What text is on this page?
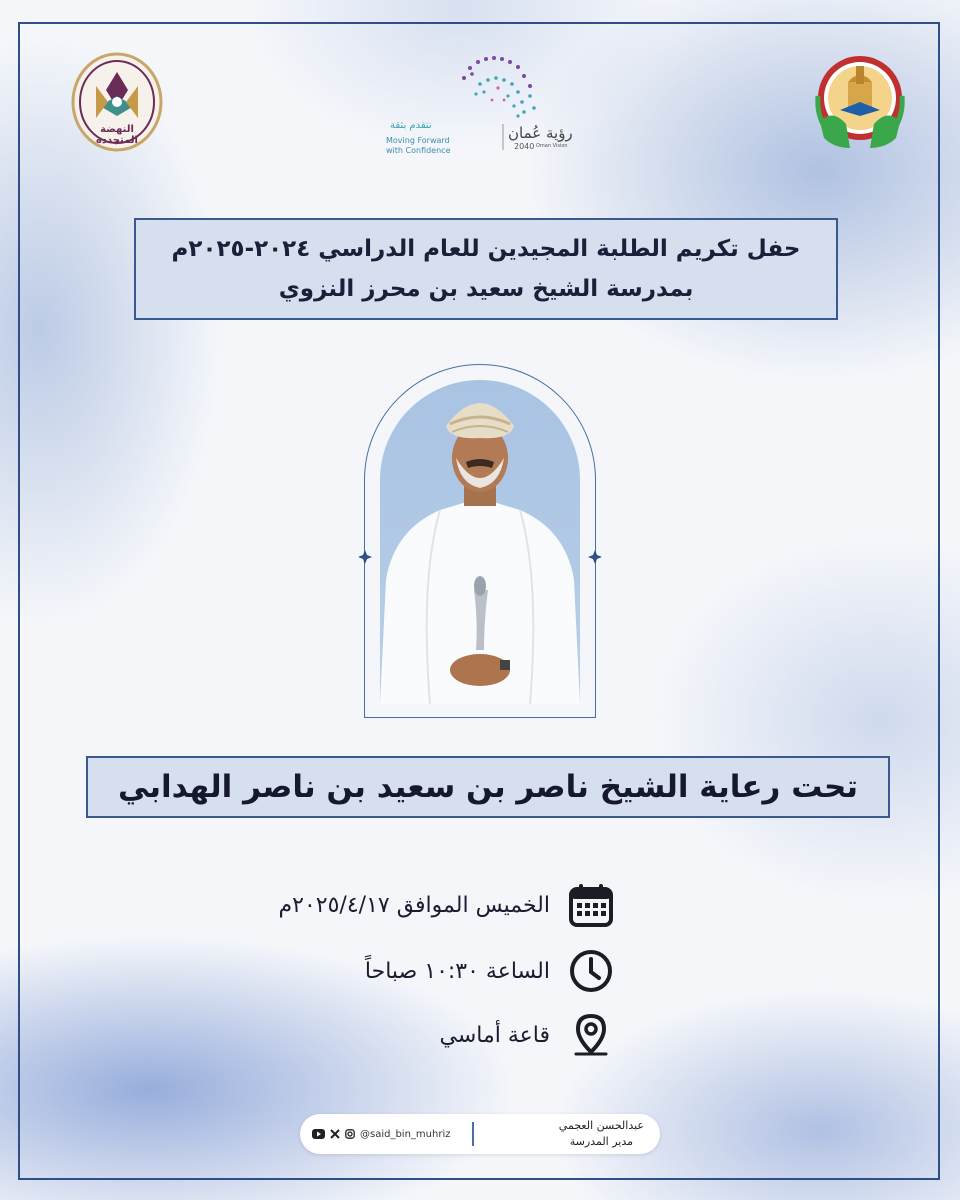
النهضة المتجددة	رؤية عُمان
2040 Oman Vision
نتقدم بثقة
Moving Forward
with Confidence
حفل تكريم الطلبة المجيدين للعام الدراسي ٢٠٢٤-٢٠٢٥م
بمدرسة الشيخ سعيد بن محرز النزوي
تحت رعاية الشيخ ناصر بن سعيد بن ناصر الهدابي
الخميس الموافق ٢٠٢٥/٤/١٧م
الساعة ١٠:٣٠ صباحاً
قاعة أماسي
@said_bin_muhriz
عبدالحسن العجمي
مدير المدرسة
